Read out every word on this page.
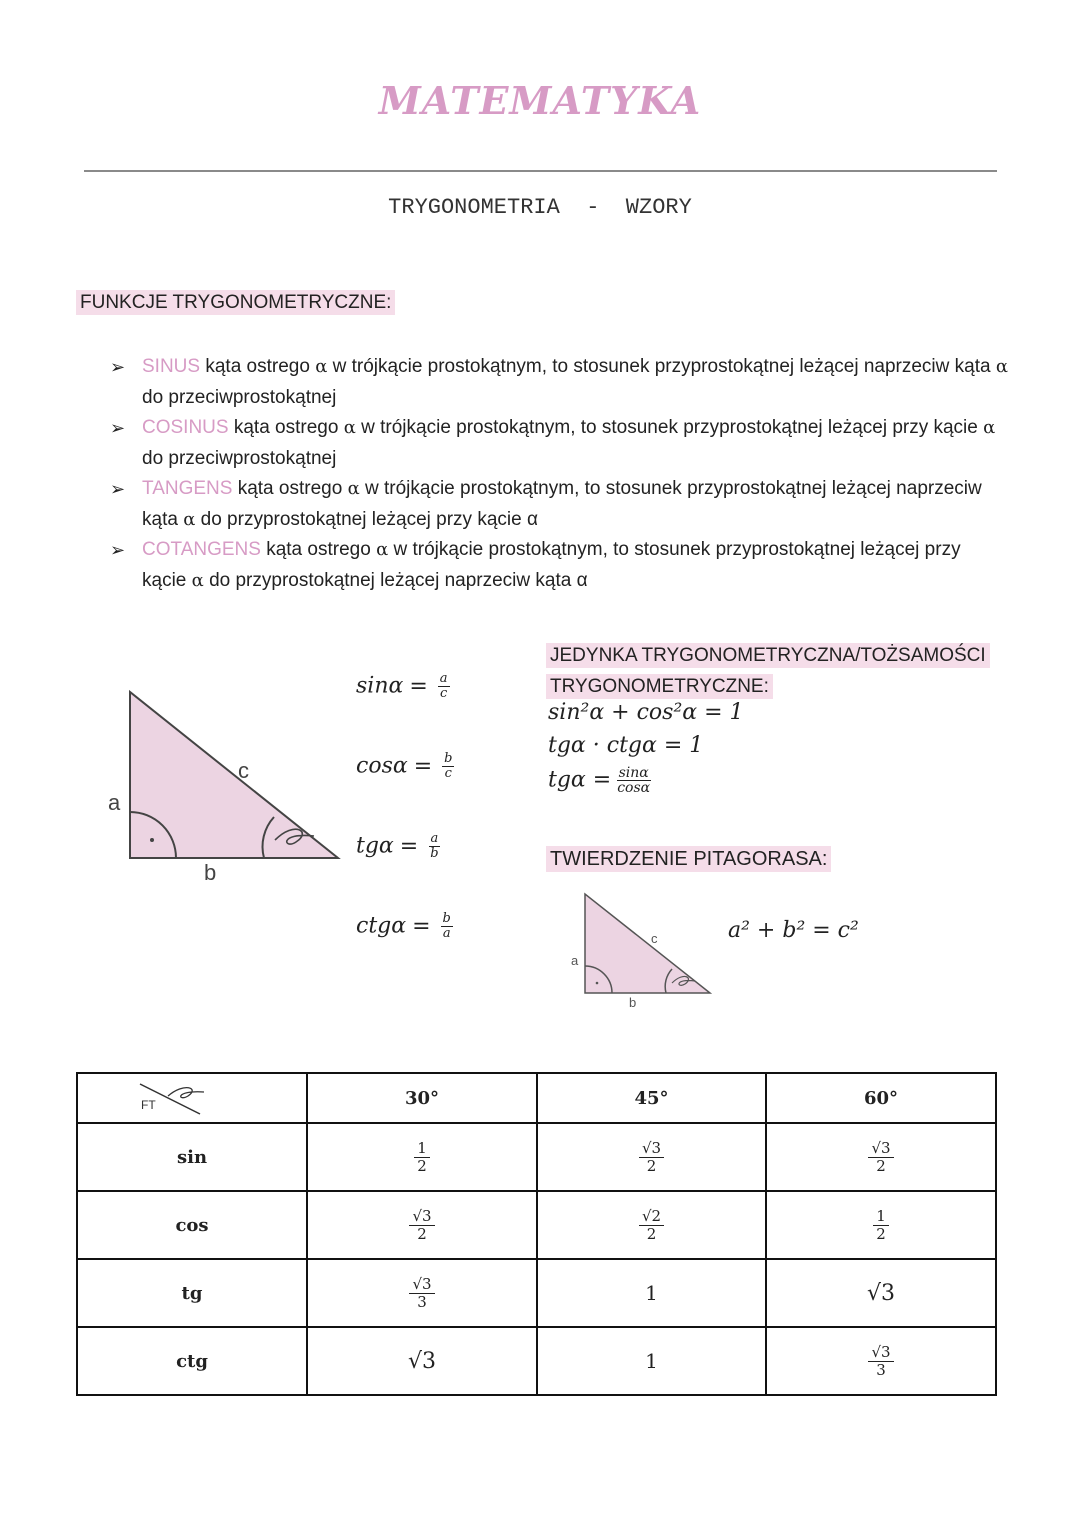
MATEMATYKA
TRYGONOMETRIA  -  WZORY
FUNKCJE TRYGONOMETRYCZNE:
➢ SINUS kąta ostrego α w trójkącie prostokątnym, to stosunek przyprostokątnej leżącej naprzeciw kąta α do przeciwprostokątnej
➢ COSINUS kąta ostrego α w trójkącie prostokątnym, to stosunek przyprostokątnej leżącej przy kącie α do przeciwprostokątnej
➢ TANGENS kąta ostrego α w trójkącie prostokątnym, to stosunek przyprostokątnej leżącej naprzeciw kąta α do przyprostokątnej leżącej przy kącie α
➢ COTANGENS kąta ostrego α w trójkącie prostokątnym, to stosunek przyprostokątnej leżącej przy kącie α do przyprostokątnej leżącej naprzeciw kąta α
a
b
c
$\sin\alpha = \frac{a}{c}$
$\cos\alpha = \frac{b}{c}$
$tg\alpha = \frac{a}{b}$
$ctg\alpha = \frac{b}{a}$
JEDYNKA TRYGONOMETRYCZNA/TOŻSAMOŚCI
TRYGONOMETRYCZNE:
sin²α + cos²α = 1
tgα · ctgα = 1
$tg\alpha = \frac{\sin\alpha}{\cos\alpha}$
TWIERDZENIE PITAGORASA:
a
b
c	a² + b² = c²
FT	30°	45°	60°
sin	$\frac{1}{2}$	$\frac{√3}{2}$	$\frac{√3}{2}$

cos	$\frac{√3}{2}$	$\frac{√2}{2}$	$\frac{1}{2}$

tg	$\frac{√3}{3}$	1	√3
ctg	√3	1	$\frac{√3}{3}$
